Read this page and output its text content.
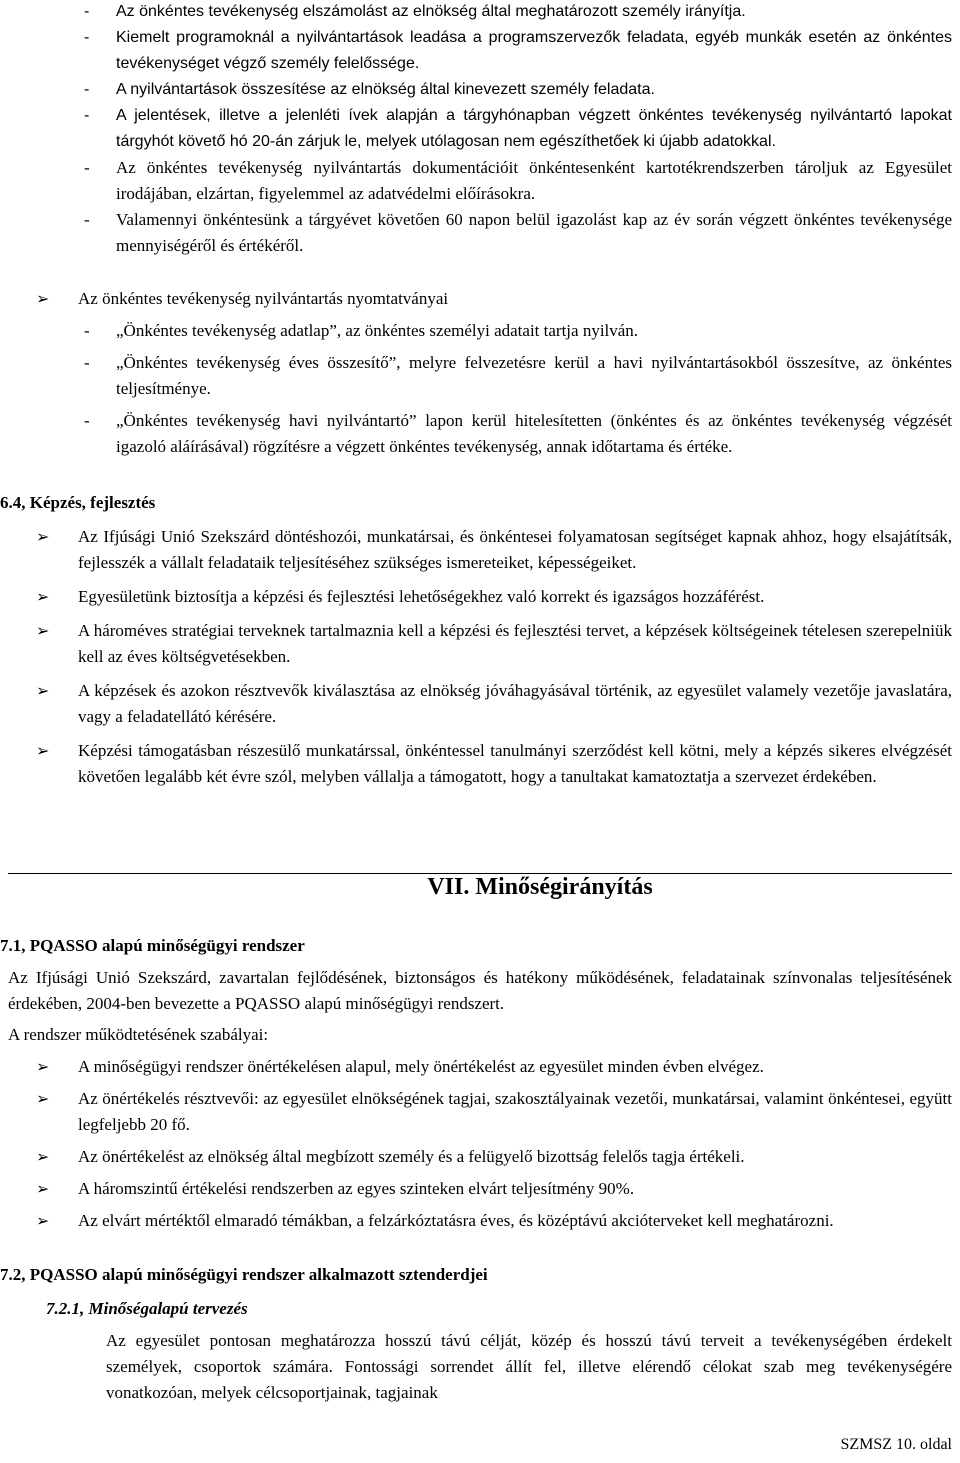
- Az önkéntes tevékenység elszámolást az elnökség által meghatározott személy irányítja.
- Kiemelt programoknál a nyilvántartások leadása a programszervezők feladata, egyéb munkák esetén az önkéntes tevékenységet végző személy felelőssége.
- A nyilvántartások összesítése az elnökség által kinevezett személy feladata.
- A jelentések, illetve a jelenléti ívek alapján a tárgyhónapban végzett önkéntes tevékenység nyilvántartó lapokat tárgyhót követő hó 20-án zárjuk le, melyek utólagosan nem egészíthetőek ki újabb adatokkal.
- Az önkéntes tevékenység nyilvántartás dokumentációit önkéntesenként kartotékrendszerben tároljuk az Egyesület irodájában, elzártan, figyelemmel az adatvédelmi előírásokra.
- Valamennyi önkéntesünk a tárgyévet követően 60 napon belül igazolást kap az év során végzett önkéntes tevékenysége mennyiségéről és értékéről.
➢ Az önkéntes tevékenység nyilvántartás nyomtatványai
- „Önkéntes tevékenység adatlap”, az önkéntes személyi adatait tartja nyilván.
- „Önkéntes tevékenység éves összesítő”, melyre felvezetésre kerül a havi nyilvántartásokból összesítve, az önkéntes teljesítménye.
- „Önkéntes tevékenység havi nyilvántartó” lapon kerül hitelesítetten (önkéntes és az önkéntes tevékenység végzését igazoló aláírásával) rögzítésre a végzett önkéntes tevékenység, annak időtartama és értéke.
6.4, Képzés, fejlesztés
➢ Az Ifjúsági Unió Szekszárd döntéshozói, munkatársai, és önkéntesei folyamatosan segítséget kapnak ahhoz, hogy elsajátítsák, fejlesszék a vállalt feladataik teljesítéséhez szükséges ismereteiket, képességeiket.
➢ Egyesületünk biztosítja a képzési és fejlesztési lehetőségekhez való korrekt és igazságos hozzáférést.
➢ A hároméves stratégiai terveknek tartalmaznia kell a képzési és fejlesztési tervet, a képzések költségeinek tételesen szerepelniük kell az éves költségvetésekben.
➢ A képzések és azokon résztvevők kiválasztása az elnökség jóváhagyásával történik, az egyesület valamely vezetője javaslatára, vagy a feladatellátó kérésére.
➢ Képzési támogatásban részesülő munkatárssal, önkéntessel tanulmányi szerződést kell kötni, mely a képzés sikeres elvégzését követően legalább két évre szól, melyben vállalja a támogatott, hogy a tanultakat kamatoztatja a szervezet érdekében.
VII. Minőségirányítás
7.1, PQASSO alapú minőségügyi rendszer
Az Ifjúsági Unió Szekszárd, zavartalan fejlődésének, biztonságos és hatékony működésének, feladatainak színvonalas teljesítésének érdekében, 2004-ben bevezette a PQASSO alapú minőségügyi rendszert.
A rendszer működtetésének szabályai:
➢ A minőségügyi rendszer önértékelésen alapul, mely önértékelést az egyesület minden évben elvégez.
➢ Az önértékelés résztvevői: az egyesület elnökségének tagjai, szakosztályainak vezetői, munkatársai, valamint önkéntesei, együtt legfeljebb 20 fő.
➢ Az önértékelést az elnökség által megbízott személy és a felügyelő bizottság felelős tagja értékeli.
➢ A háromszintű értékelési rendszerben az egyes szinteken elvárt teljesítmény 90%.
➢ Az elvárt mértéktől elmaradó témákban, a felzárkóztatásra éves, és középtávú akcióterveket kell meghatározni.
7.2, PQASSO alapú minőségügyi rendszer alkalmazott sztenderdjei
7.2.1, Minőségalapú tervezés
Az egyesület pontosan meghatározza hosszú távú célját, közép és hosszú távú terveit a tevékenységében érdekelt személyek, csoportok számára. Fontossági sorrendet állít fel, illetve elérendő célokat szab meg tevékenységére vonatkozóan, melyek célcsoportjainak, tagjainak
SZMSZ 10. oldal
